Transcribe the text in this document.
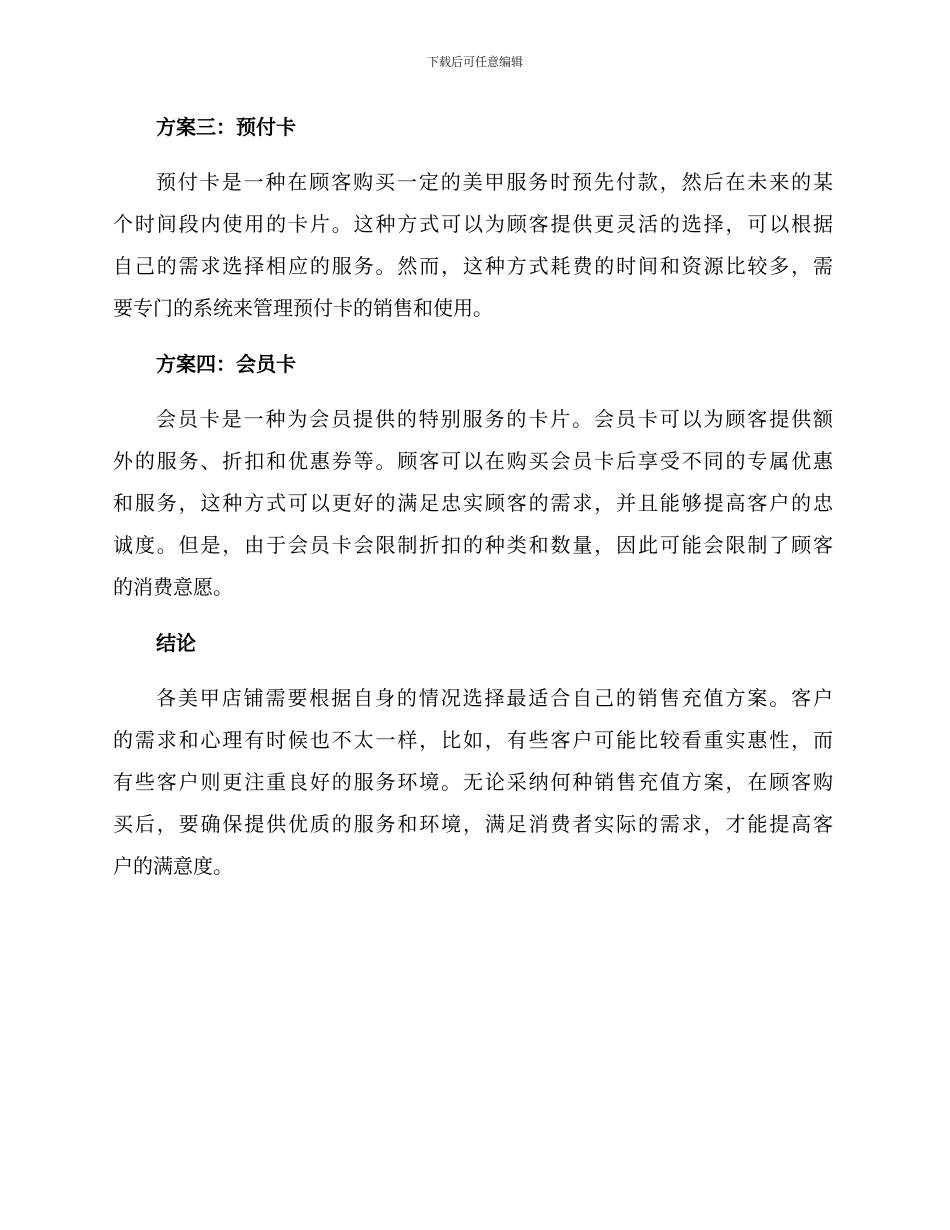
下载后可任意编辑
方案三：预付卡

预付卡是一种在顾客购买一定的美甲服务时预先付款，然后在未来的某
个时间段内使用的卡片。这种方式可以为顾客提供更灵活的选择，可以根据
自己的需求选择相应的服务。然而，这种方式耗费的时间和资源比较多，需
要专门的系统来管理预付卡的销售和使用。

方案四：会员卡

会员卡是一种为会员提供的特别服务的卡片。会员卡可以为顾客提供额
外的服务、折扣和优惠券等。顾客可以在购买会员卡后享受不同的专属优惠
和服务，这种方式可以更好的满足忠实顾客的需求，并且能够提高客户的忠
诚度。但是，由于会员卡会限制折扣的种类和数量，因此可能会限制了顾客
的消费意愿。

结论

各美甲店铺需要根据自身的情况选择最适合自己的销售充值方案。客户
的需求和心理有时候也不太一样，比如，有些客户可能比较看重实惠性，而
有些客户则更注重良好的服务环境。无论采纳何种销售充值方案，在顾客购
买后，要确保提供优质的服务和环境，满足消费者实际的需求，才能提高客
户的满意度。
